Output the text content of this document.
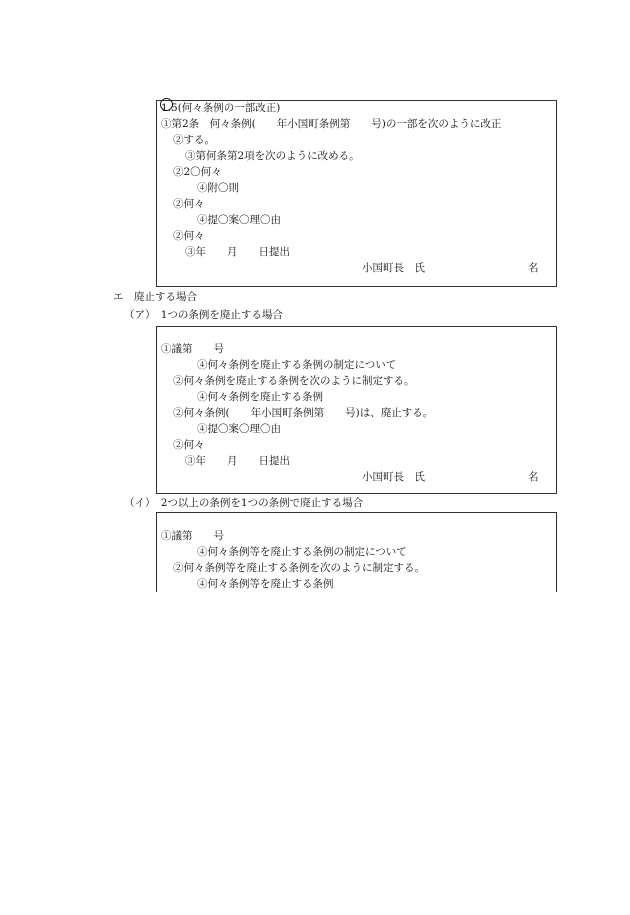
1.5(何々条例の一部改正)
①第2条　何々条例(　　年小国町条例第　　号)の一部を次のように改正
②する。
③第何条第2項を次のように改める。
②2〇何々
④附〇則
②何々
④提〇案〇理〇由
②何々
③年　　月　　日提出
小国町長　氏	名
エ　廃止する場合
（ア）　1つの条例を廃止する場合
①議第　　号
④何々条例を廃止する条例の制定について
②何々条例を廃止する条例を次のように制定する。
④何々条例を廃止する条例
②何々条例(　　年小国町条例第　　号)は、廃止する。
④提〇案〇理〇由
②何々
③年　　月　　日提出
小国町長　氏	名
（イ）　2つ以上の条例を1つの条例で廃止する場合
①議第　　号
④何々条例等を廃止する条例の制定について
②何々条例等を廃止する条例を次のように制定する。
④何々条例等を廃止する条例
